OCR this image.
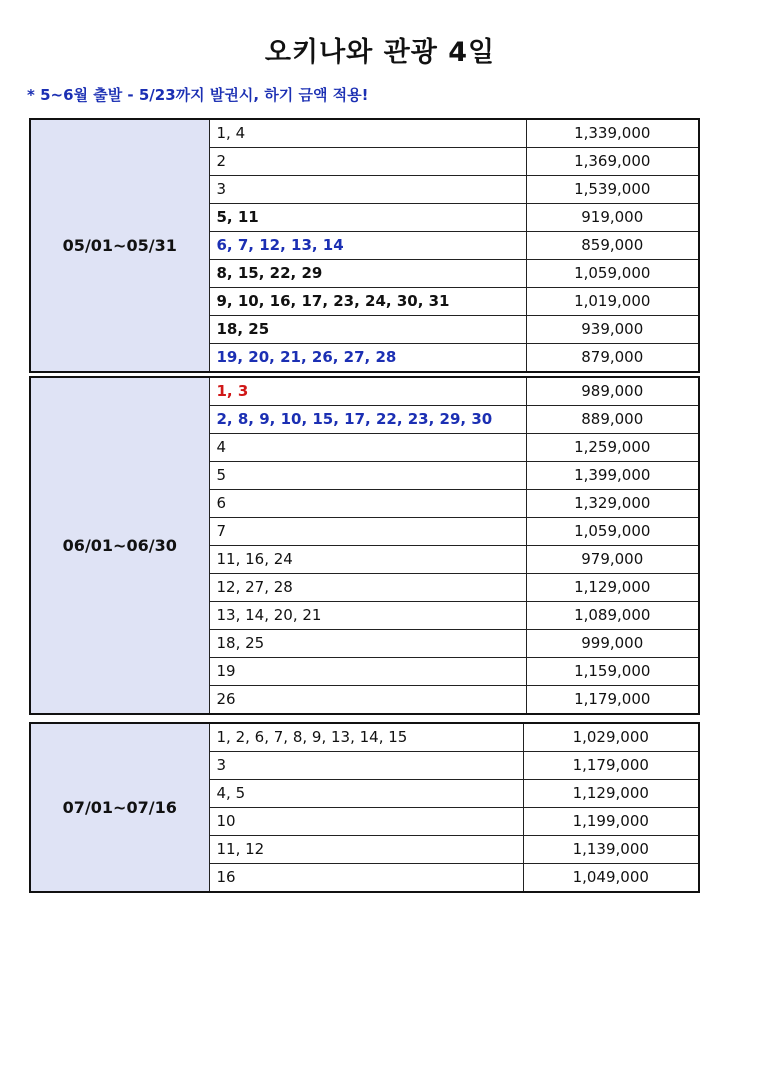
오키나와 관광 4일
* 5~6월 출발 - 5/23까지 발권시, 하기 금액 적용!
05/01~05/31	1, 4	1,339,000
	2	1,369,000
	3	1,539,000
	5, 11	919,000
	6, 7, 12, 13, 14	859,000
	8, 15, 22, 29	1,059,000
	9, 10, 16, 17, 23, 24, 30, 31	1,019,000
	18, 25	939,000
	19, 20, 21, 26, 27, 28	879,000
06/01~06/30	1, 3	989,000
	2, 8, 9, 10, 15, 17, 22, 23, 29, 30	889,000
	4	1,259,000
	5	1,399,000
	6	1,329,000
	7	1,059,000
	11, 16, 24	979,000
	12, 27, 28	1,129,000
	13, 14, 20, 21	1,089,000
	18, 25	999,000
	19	1,159,000
	26	1,179,000
07/01~07/16	1, 2, 6, 7, 8, 9, 13, 14, 15	1,029,000
	3	1,179,000
	4, 5	1,129,000
	10	1,199,000
	11, 12	1,139,000
	16	1,049,000
